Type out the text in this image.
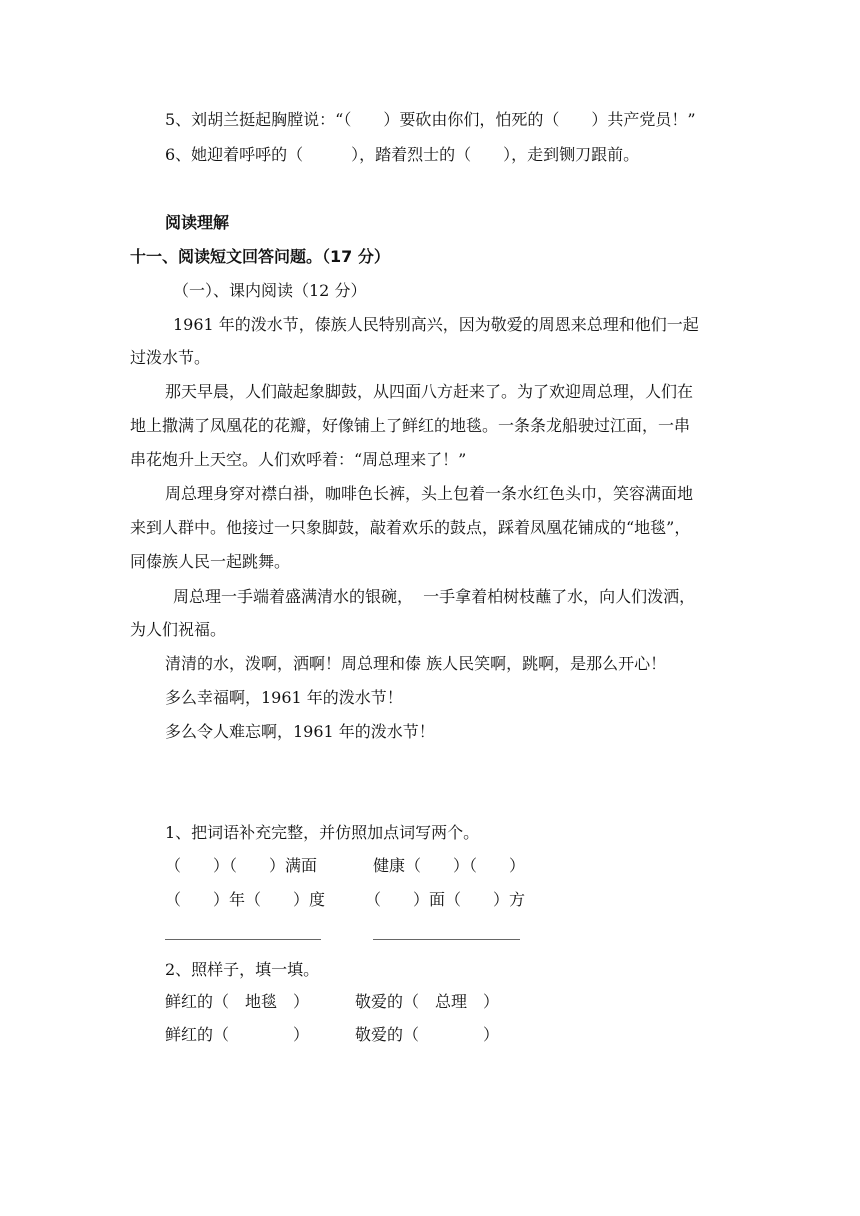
5、刘胡兰挺起胸膛说：“（　　）要砍由你们，怕死的（　　）共产党员！”
6、她迎着呼呼的（　　　），踏着烈士的（　　），走到铡刀跟前。
阅读理解
十一、阅读短文回答问题。（17 分）
（一）、课内阅读（12 分）
1961 年的泼水节，傣族人民特别高兴，因为敬爱的周恩来总理和他们一起
过泼水节。
那天早晨，人们敲起象脚鼓，从四面八方赶来了。为了欢迎周总理，人们在
地上撒满了凤凰花的花瓣，好像铺上了鲜红的地毯。一条条龙船驶过江面，一串
串花炮升上天空。人们欢呼着：“周总理来了！”
周总理身穿对襟白褂，咖啡色长裤，头上包着一条水红色头巾，笑容满面地
来到人群中。他接过一只象脚鼓，敲着欢乐的鼓点，踩着凤凰花铺成的“地毯”，
同傣族人民一起跳舞。
周总理一手端着盛满清水的银碗，  一手拿着柏树枝蘸了水，向人们泼洒，
为人们祝福。
清清的水，泼啊，洒啊！周总理和傣 族人民笑啊，跳啊，是那么开心！
多么幸福啊，1961 年的泼水节！
多么令人难忘啊，1961 年的泼水节！
1、把词语补充完整，并仿照加点词写两个。
（　　）（　　）满面	健康（　　）（　　）
（　　）年（　　）度 （　　）面（　　）方
2、照样子，填一填。
鲜红的（　地毯　）	敬爱的（　总理　）
鲜红的（　　　　）	敬爱的（　　　　）
